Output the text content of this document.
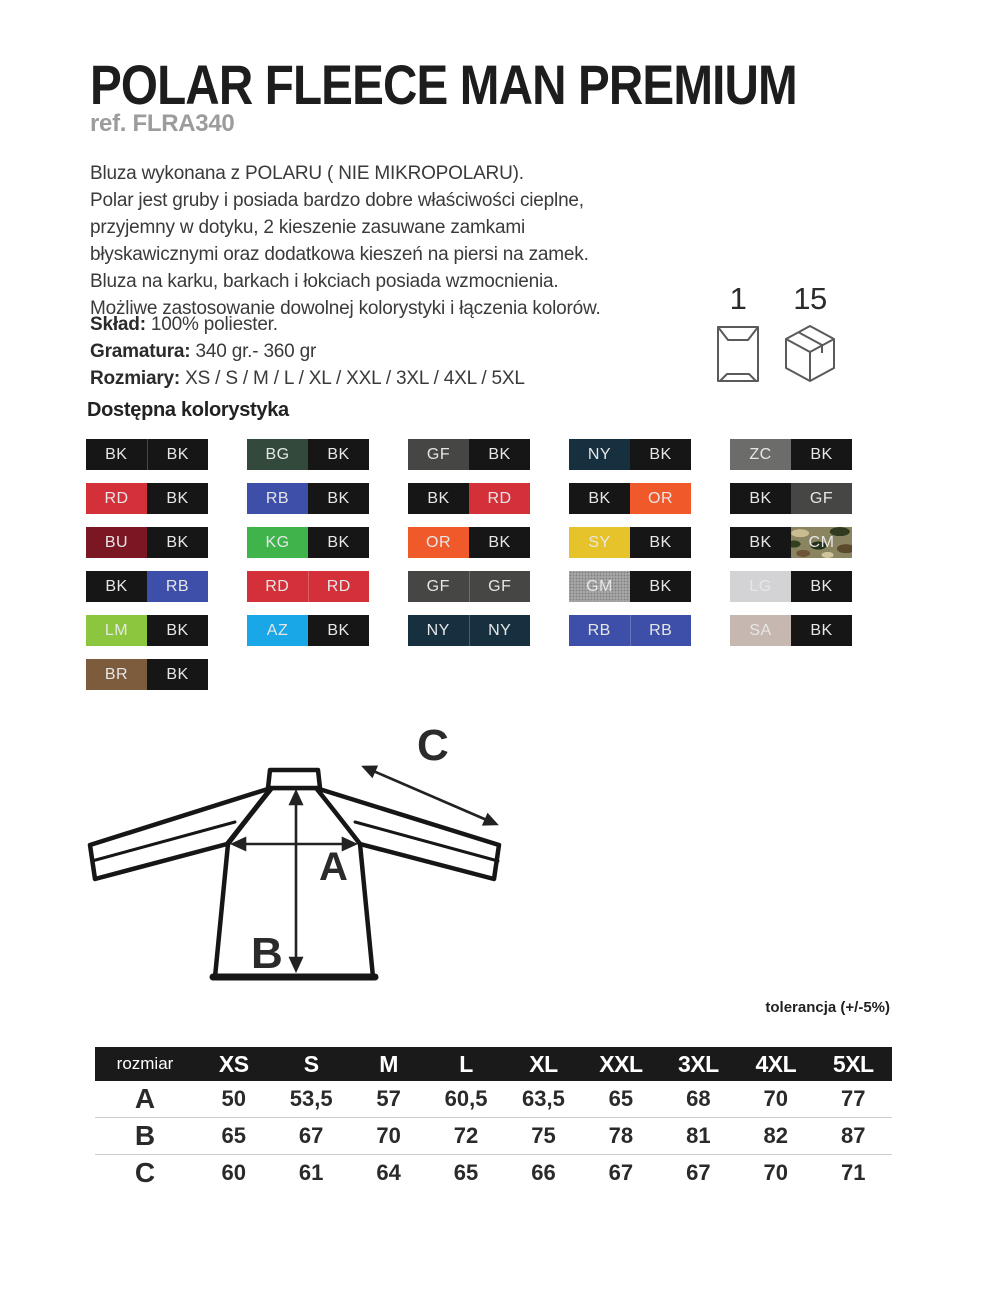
POLAR FLEECE MAN PREMIUM
ref. FLRA340
Bluza wykonana z POLARU ( NIE MIKROPOLARU).
Polar jest gruby i posiada bardzo dobre właściwości cieplne,
przyjemny w dotyku, 2 kieszenie zasuwane zamkami
błyskawicznymi oraz dodatkowa kieszeń na piersi na zamek.
Bluza na karku, barkach i łokciach posiada wzmocnienia.
Możliwe zastosowanie dowolnej kolorystyki i łączenia kolorów.
Skład: 100% poliester.
Gramatura: 340 gr.- 360 gr
Rozmiary: XS / S / M / L / XL / XXL / 3XL / 4XL / 5XL
1 15
Dostępna kolorystyka
BK	BK
RD	BK
BU	BK
BK	RB
LM	BK
BR	BK
BG	BK
RB	BK
KG	BK
RD	RD
AZ	BK
GF	BK
BK	RD
OR	BK
GF	GF
NY	NY
NY	BK
BK	OR
SY	BK
GM	BK
RB	RB
ZC	BK
BK	GF
BK	CM
LG	BK
SA	BK
A
B
C
tolerancja (+/-5%)
rozmiar	XS	S	M	L	XL	XXL	3XL	4XL	5XL
A	50	53,5	57	60,5	63,5	65	68	70	77
B	65	67	70	72	75	78	81	82	87
C	60	61	64	65	66	67	67	70	71
